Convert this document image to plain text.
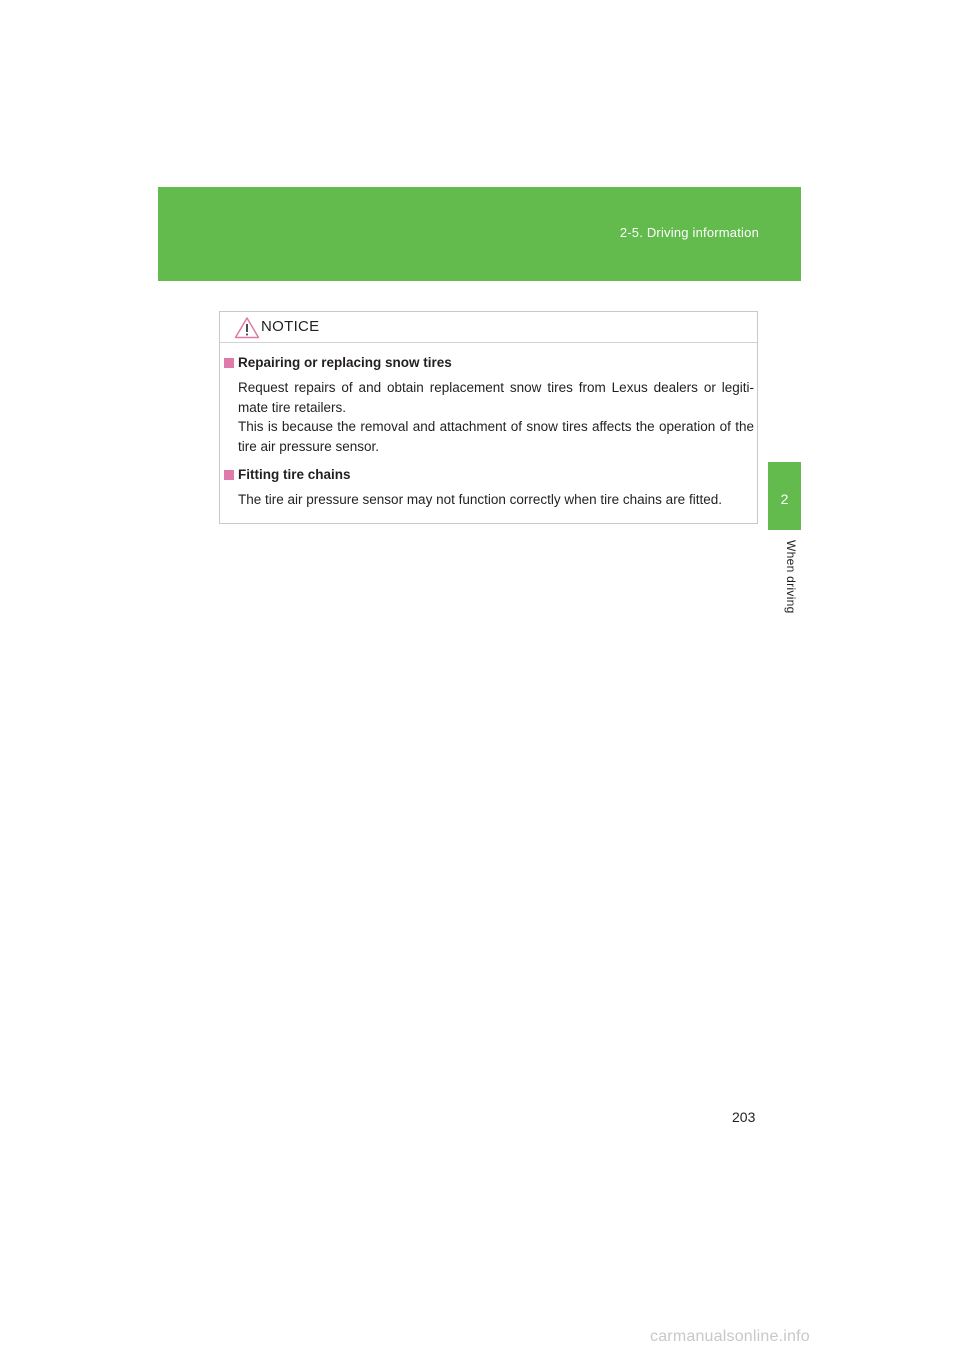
2-5. Driving information
2
When driving
NOTICE
Repairing or replacing snow tires

Request repairs of and obtain replacement snow tires from Lexus dealers or legiti-mate tire retailers.

This is because the removal and attachment of snow tires affects the operation of the tire air pressure sensor.

Fitting tire chains

The tire air pressure sensor may not function correctly when tire chains are fitted.

203
carmanualsonline.info
